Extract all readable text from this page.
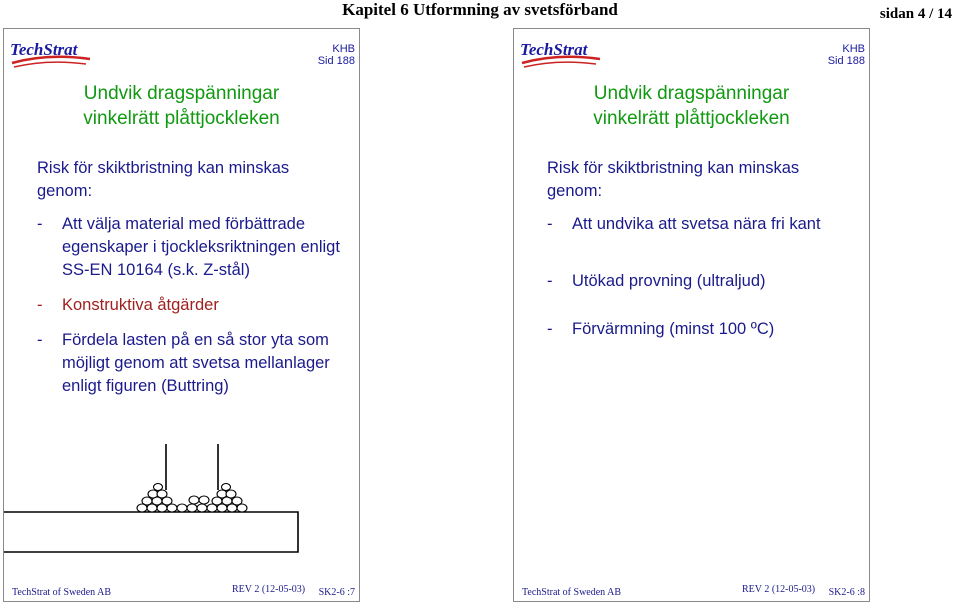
Kapitel 6 Utformning av svetsförband	sidan 4 / 14
TechStrat	KHB
Sid 188
Undvik dragspänningar
vinkelrätt plåttjockleken
Risk för skiktbristning kan minskas
genom:
- Att välja material med förbättrade egenskaper i tjockleksriktningen enligt SS-EN 10164 (s.k. Z-stål)
- Konstruktiva åtgärder
- Fördela lasten på en så stor yta som möjligt genom att svetsa mellanlager enligt figuren (Buttring)
TechStrat of Sweden AB	REV 2 (12-05-03) SK2-6 :7
TechStrat	KHB
Sid 188
Undvik dragspänningar
vinkelrätt plåttjockleken
Risk för skiktbristning kan minskas
genom:
- Att undvika att svetsa nära fri kant
- Utökad provning (ultraljud)
- Förvärmning (minst 100 ºC)
TechStrat of Sweden AB	REV 2 (12-05-03) SK2-6 :8
